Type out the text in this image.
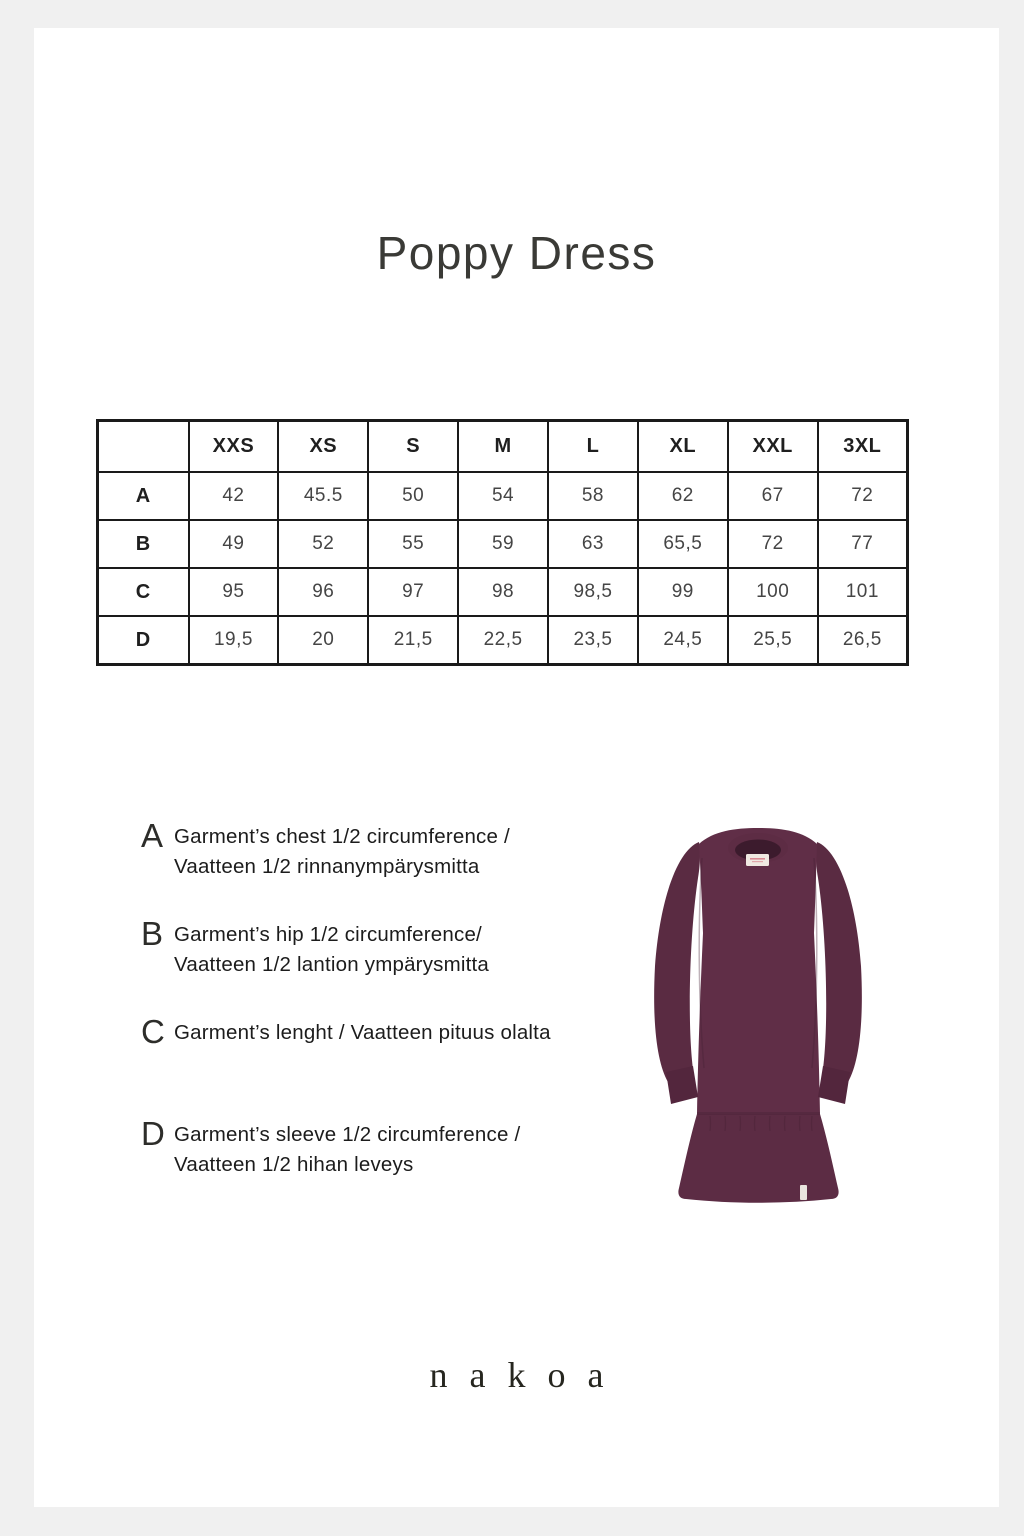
Poppy Dress
	XXS	XS	S	M	L	XL	XXL	3XL
A	42	45.5	50	54	58	62	67	72
B	49	52	55	59	63	65,5	72	77
C	95	96	97	98	98,5	99	100	101
D	19,5	20	21,5	22,5	23,5	24,5	25,5	26,5
A Garment’s chest 1/2 circumference /
Vaatteen 1/2 rinnanympärysmitta
B Garment’s hip 1/2 circumference/
Vaatteen 1/2 lantion ympärysmitta
C Garment’s lenght / Vaatteen pituus olalta
D Garment’s sleeve 1/2 circumference /
Vaatteen 1/2 hihan leveys
nakoa
